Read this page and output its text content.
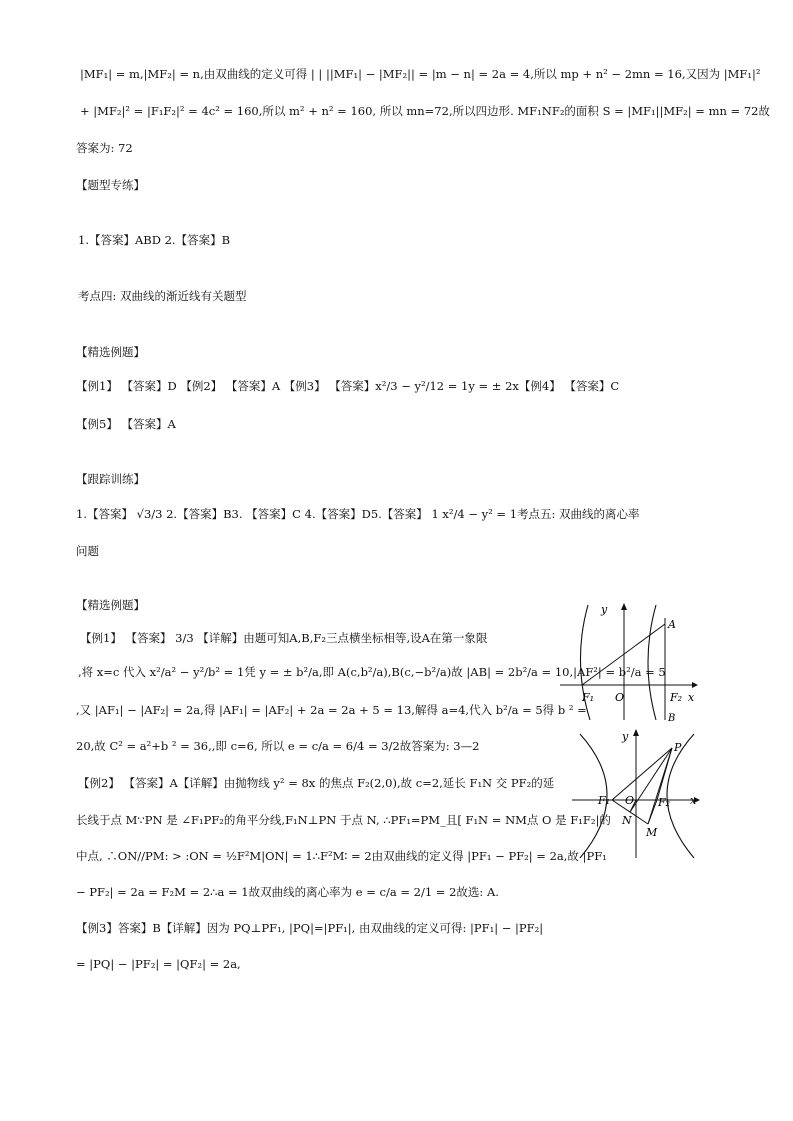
|MF₁| = m,|MF₂| = n,由双曲线的定义可得 | | ||MF₁| − |MF₂|| = |m − n| = 2a = 4,所以 mp + n² − 2mn = 16,又因为 |MF₁|²
+ |MF₂|² = |F₁F₂|² = 4c² = 160,所以 m² + n² = 160, 所以 mn=72,所以四边形. MF₁NF₂的面积 S = |MF₁||MF₂| = mn = 72故
答案为: 72
【题型专练】
1.【答案】ABD 2.【答案】B
考点四: 双曲线的渐近线有关题型
【精选例题】
【例1】 【答案】D 【例2】 【答案】A 【例3】 【答案】x²/3 − y²/12 = 1y = ± 2x【例4】 【答案】C
【例5】 【答案】A
【跟踪训练】
1.【答案】 √3/3 2.【答案】B3. 【答案】C 4.【答案】D5.【答案】 1 x²/4 − y² = 1考点五: 双曲线的离心率
问题
【精选例题】
【例1】 【答案】 3/3 【详解】由题可知A,B,F₂三点横坐标相等,设A在第一象限
,将 x=c 代入 x²/a² − y²/b² = 1凭 y = ± b²/a,即 A(c,b²/a),B(c,−b²/a)故 |AB| = 2b²/a = 10,|AF²| = b²/a = 5
,又 |AF₁| − |AF₂| = 2a,得 |AF₁| = |AF₂| + 2a = 2a + 5 = 13,解得 a=4,代入 b²/a = 5得 b ² =
20,故 C² = a²+b ² = 36,,即 c=6, 所以 e = c/a = 6/4 = 3/2故答案为: 3—2
【例2】 【答案】A【详解】由抛物线 y² = 8x 的焦点 F₂(2,0),故 c=2,延长 F₁N 交 PF₂的延
长线于点 M∵PN 是 ∠F₁PF₂的角平分线,F₁N⊥PN 于点 N, ∴PF₁=PM_且[ F₁N = NM点 O 是 F₁F₂|的
中点, ∴ON//PM: > :ON = ½F²M|ON| = 1∴F²M∶ = 2由双曲线的定义得 |PF₁ − PF₂| = 2a,故 |PF₁
− PF₂| = 2a = F₂M = 2∴a = 1故双曲线的离心率为 e = c/a = 2/1 = 2故选: A.
【例3】答案】B【详解】因为 PQ⊥PF₁, |PQ|=|PF₁|, 由双曲线的定义可得: |PF₁| − |PF₂|
= |PQ| − |PF₂| = |QF₂| = 2a,
y
A
B
F₁ O	F₂ x
y
P
F₁ O F₂ x
N
M
